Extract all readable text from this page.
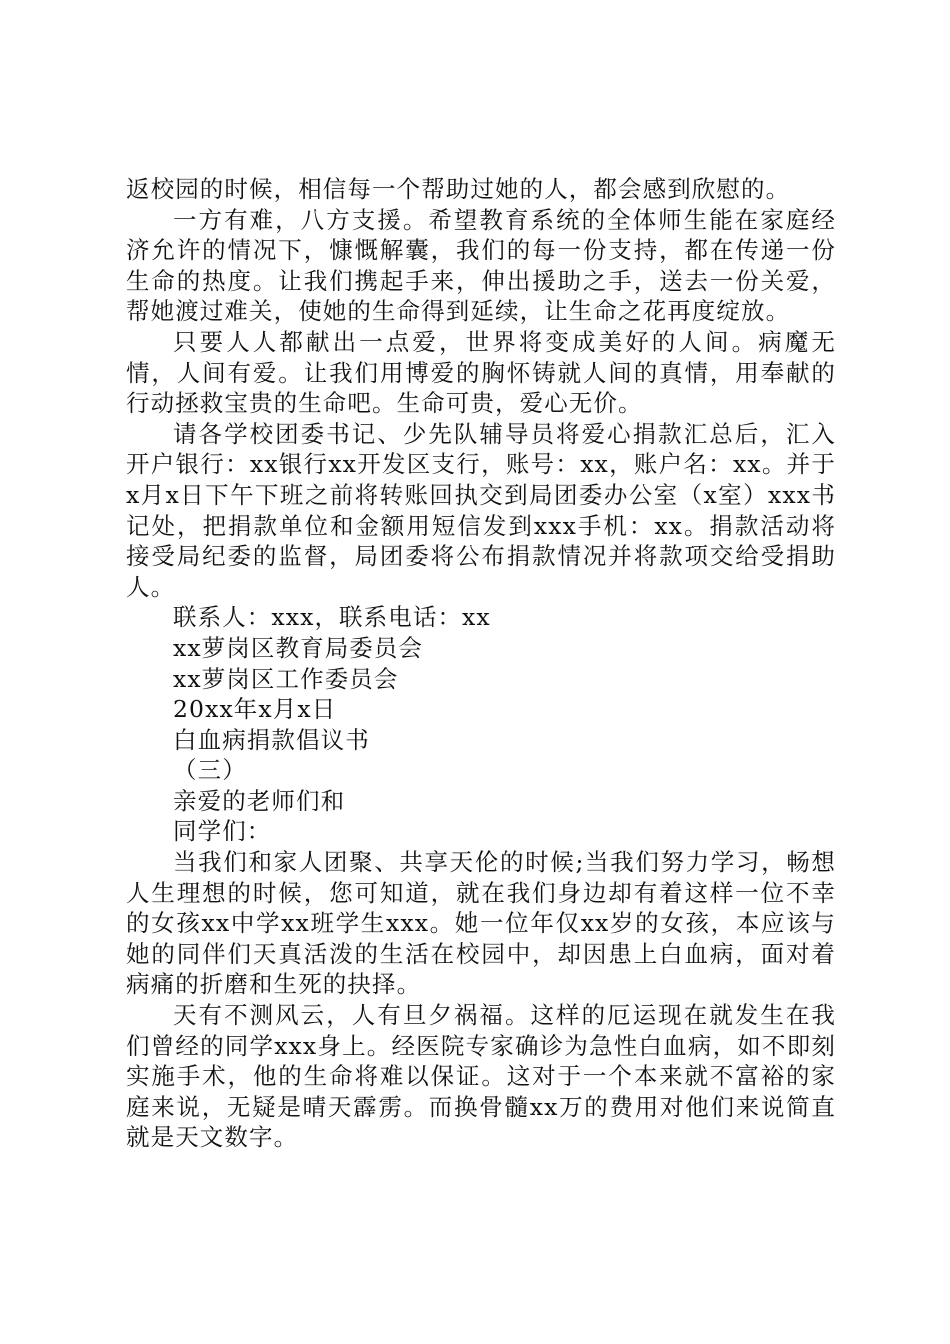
返校园的时候，相信每一个帮助过她的人，都会感到欣慰的。

一方有难，八方支援。希望教育系统的全体师生能在家庭经济允许的情况下，慷慨解囊，我们的每一份支持，都在传递一份生命的热度。让我们携起手来，伸出援助之手，送去一份关爱，帮她渡过难关，使她的生命得到延续，让生命之花再度绽放。

只要人人都献出一点爱，世界将变成美好的人间。病魔无情，人间有爱。让我们用博爱的胸怀铸就人间的真情，用奉献的行动拯救宝贵的生命吧。生命可贵，爱心无价。

请各学校团委书记、少先队辅导员将爱心捐款汇总后，汇入开户银行：xx银行xx开发区支行，账号：xx，账户名：xx。并于x月x日下午下班之前将转账回执交到局团委办公室（x室）xxx书记处，把捐款单位和金额用短信发到xxx手机：xx。捐款活动将接受局纪委的监督，局团委将公布捐款情况并将款项交给受捐助人。

联系人：xxx，联系电话：xx

xx萝岗区教育局委员会

xx萝岗区工作委员会

20xx年x月x日

白血病捐款倡议书

（三）

亲爱的老师们和

同学们：

当我们和家人团聚、共享天伦的时候;当我们努力学习，畅想人生理想的时候，您可知道，就在我们身边却有着这样一位不幸的女孩xx中学xx班学生xxx。她一位年仅xx岁的女孩，本应该与她的同伴们天真活泼的生活在校园中，却因患上白血病，面对着病痛的折磨和生死的抉择。

天有不测风云，人有旦夕祸福。这样的厄运现在就发生在我们曾经的同学xxx身上。经医院专家确诊为急性白血病，如不即刻实施手术，他的生命将难以保证。这对于一个本来就不富裕的家庭来说，无疑是晴天霹雳。而换骨髓xx万的费用对他们来说简直就是天文数字。
